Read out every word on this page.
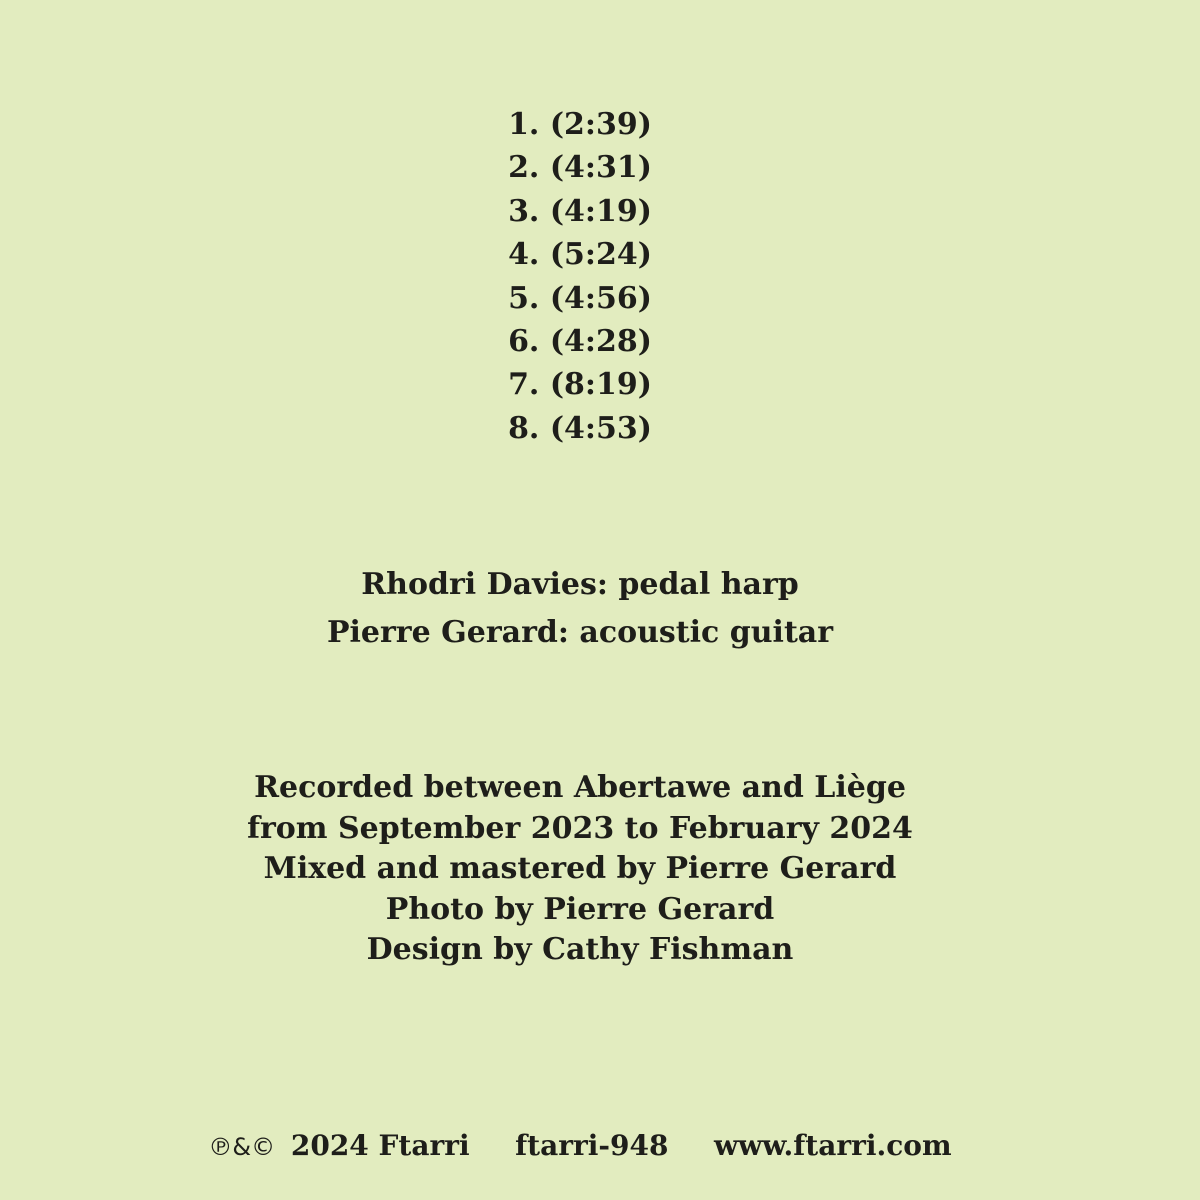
1. (2:39)
2. (4:31)
3. (4:19)
4. (5:24)
5. (4:56)
6. (4:28)
7. (8:19)
8. (4:53)
Rhodri Davies: pedal harp
Pierre Gerard: acoustic guitar
Recorded between Abertawe and Liège
from September 2023 to February 2024
Mixed and mastered by Pierre Gerard
Photo by Pierre Gerard
Design by Cathy Fishman
℗&© 2024 Ftarri ftarri-948 www.ftarri.com
